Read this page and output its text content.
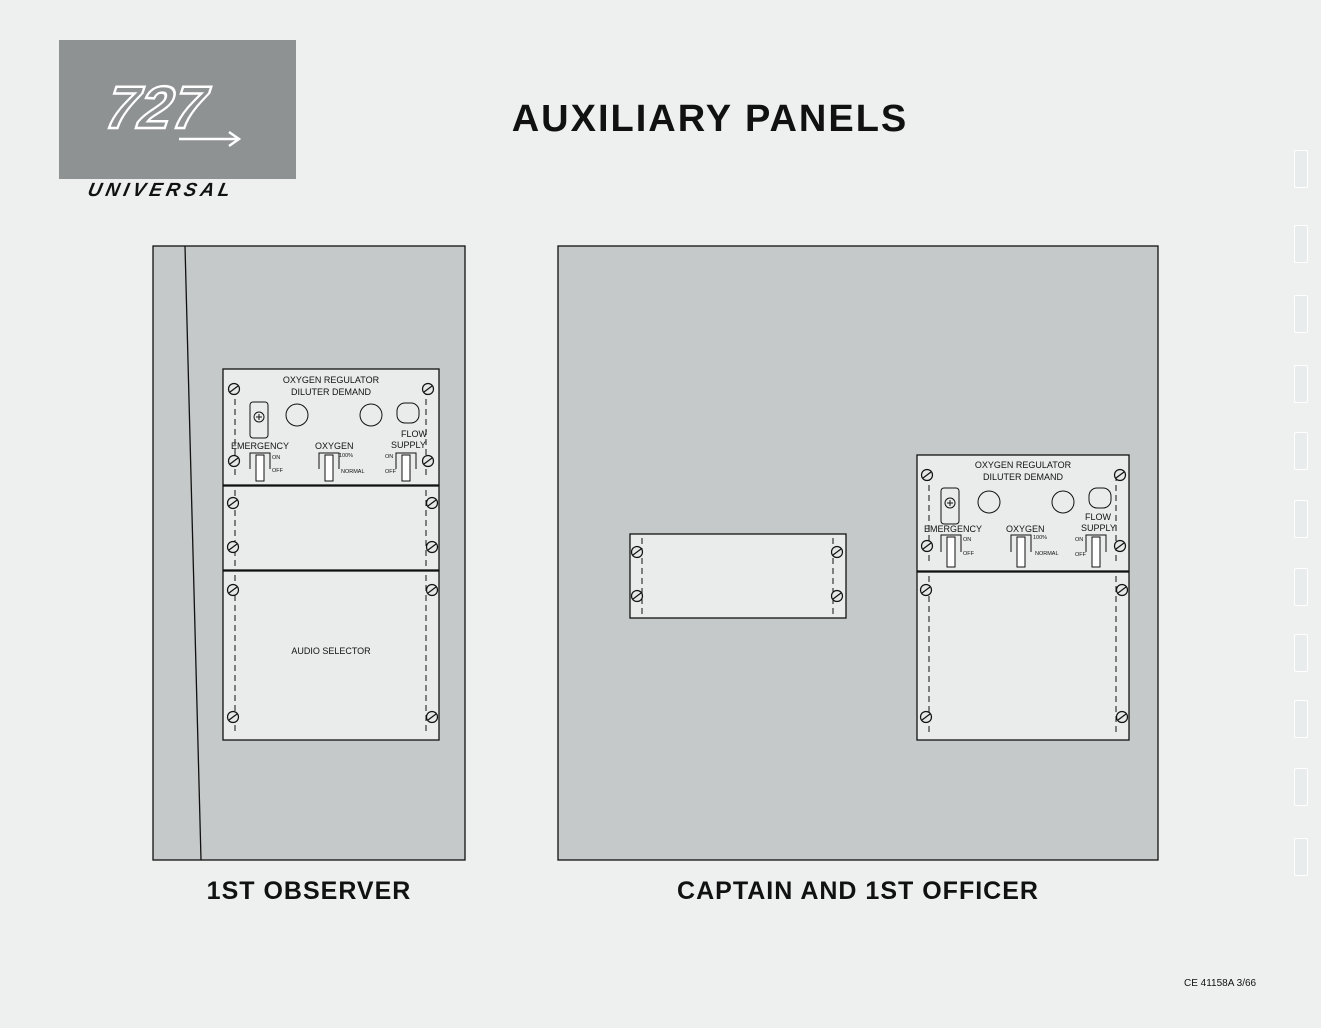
727
UNIVERSAL
AUXILIARY PANELS
OXYGEN REGULATOR
DILUTER DEMAND
EMERGENCY	OXYGEN
FLOW
SUPPLY
ON
OFF
100%
NORMAL
ON
OFF
AUDIO SELECTOR
OXYGEN REGULATOR
DILUTER DEMAND
EMERGENCY	OXYGEN
FLOW
SUPPLY
ON
OFF
100%
NORMAL
ON
OFF
1ST OBSERVER	CAPTAIN AND 1ST OFFICER
CE 41158A 3/66
